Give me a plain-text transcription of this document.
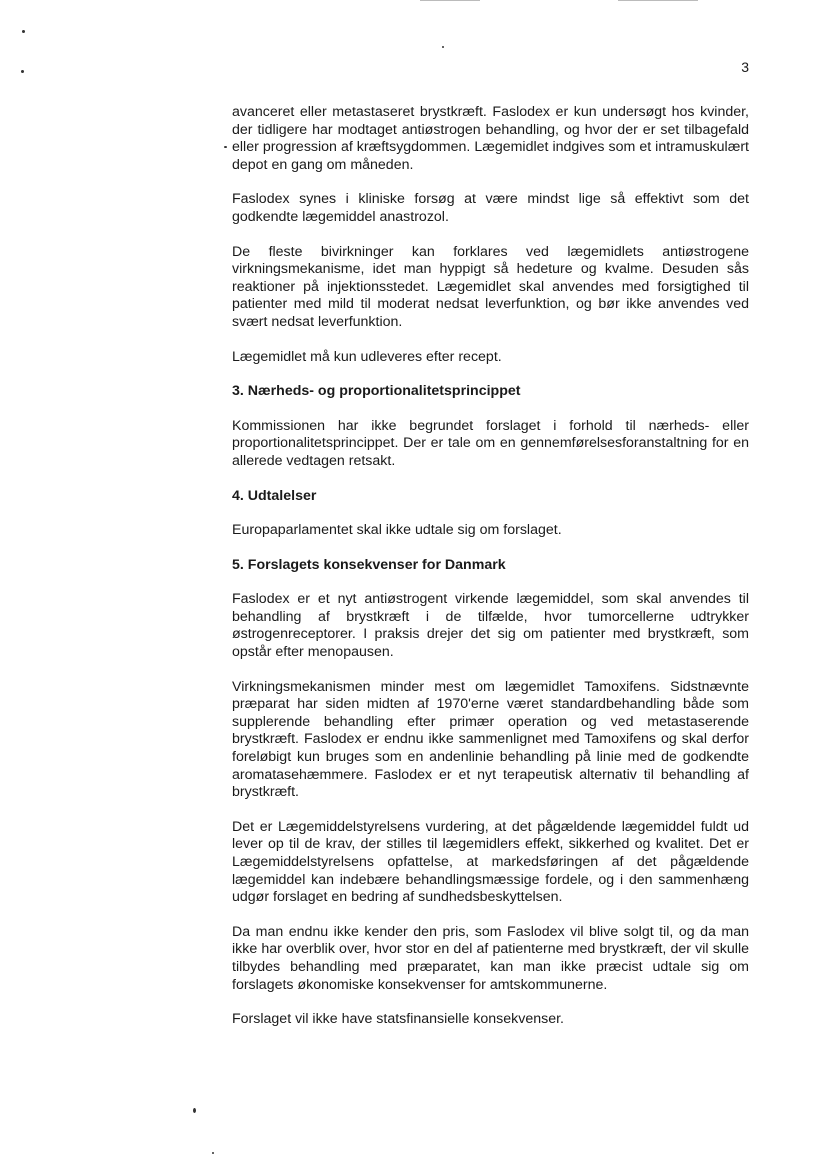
3

avanceret eller metastaseret brystkræft. Faslodex er kun undersøgt hos kvinder, der tidligere har modtaget antiøstrogen behandling, og hvor der er set tilbagefald eller progression af kræftsygdommen. Lægemidlet indgives som et intramuskulært depot en gang om måneden.

Faslodex synes i kliniske forsøg at være mindst lige så effektivt som det godkendte lægemiddel anastrozol.

De fleste bivirkninger kan forklares ved lægemidlets antiøstrogene virkningsmekanisme, idet man hyppigt så hedeture og kvalme. Desuden sås reaktioner på injektionsstedet. Lægemidlet skal anvendes med forsigtighed til patienter med mild til moderat nedsat leverfunktion, og bør ikke anvendes ved svært nedsat leverfunktion.

Lægemidlet må kun udleveres efter recept.

3. Nærheds- og proportionalitetsprincippet

Kommissionen har ikke begrundet forslaget i forhold til nærheds- eller proportionalitetsprincippet. Der er tale om en gennemførelsesforanstaltning for en allerede vedtagen retsakt.

4. Udtalelser

Europaparlamentet skal ikke udtale sig om forslaget.

5. Forslagets konsekvenser for Danmark

Faslodex er et nyt antiøstrogent virkende lægemiddel, som skal anvendes til behandling af brystkræft i de tilfælde, hvor tumorcellerne udtrykker østrogenreceptorer. I praksis drejer det sig om patienter med brystkræft, som opstår efter menopausen.

Virkningsmekanismen minder mest om lægemidlet Tamoxifens. Sidstnævnte præparat har siden midten af 1970'erne været standardbehandling både som supplerende behandling efter primær operation og ved metastaserende brystkræft. Faslodex er endnu ikke sammenlignet med Tamoxifens og skal derfor foreløbigt kun bruges som en andenlinie behandling på linie med de godkendte aromatasehæmmere. Faslodex er et nyt terapeutisk alternativ til behandling af brystkræft.

Det er Lægemiddelstyrelsens vurdering, at det pågældende lægemiddel fuldt ud lever op til de krav, der stilles til lægemidlers effekt, sikkerhed og kvalitet. Det er Lægemiddelstyrelsens opfattelse, at markedsføringen af det pågældende lægemiddel kan indebære behandlingsmæssige fordele, og i den sammenhæng udgør forslaget en bedring af sundhedsbeskyttelsen.

Da man endnu ikke kender den pris, som Faslodex vil blive solgt til, og da man ikke har overblik over, hvor stor en del af patienterne med brystkræft, der vil skulle tilbydes behandling med præparatet, kan man ikke præcist udtale sig om forslagets økonomiske konsekvenser for amtskommunerne.

Forslaget vil ikke have statsfinansielle konsekvenser.
